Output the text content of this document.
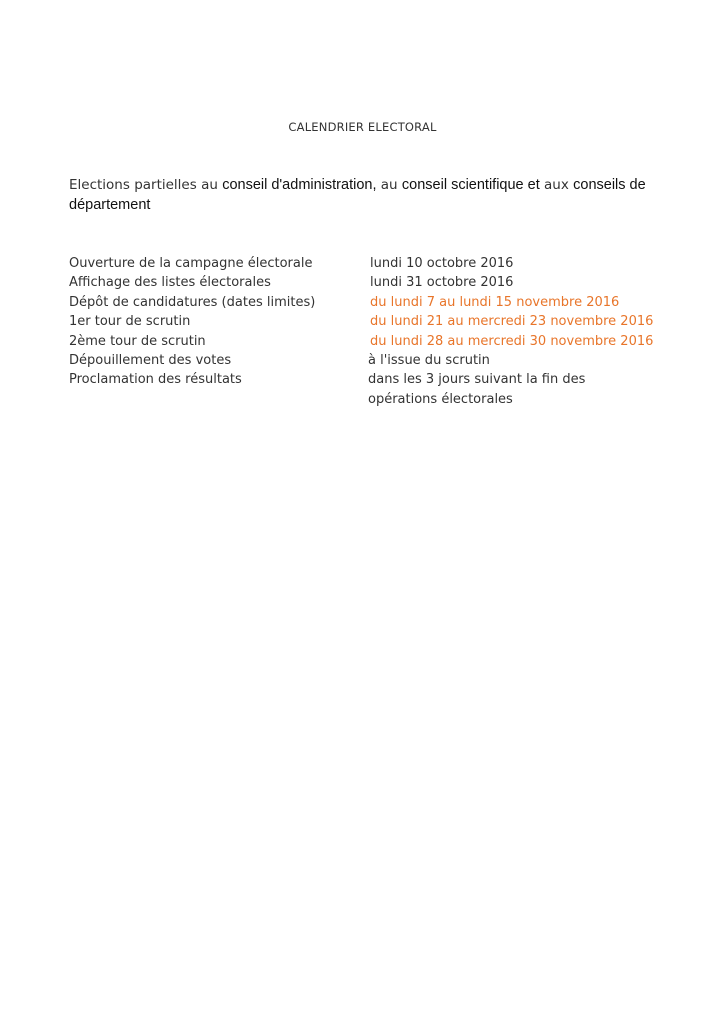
CALENDRIER ELECTORAL
Elections partielles au conseil d'administration, au conseil scientifique et aux conseils de département
Ouverture de la campagne électorale	lundi 10 octobre 2016
Affichage des listes électorales	lundi 31 octobre 2016
Dépôt de candidatures (dates limites)	du lundi 7 au lundi 15 novembre 2016
1er tour de scrutin	du lundi 21 au mercredi 23 novembre 2016
2ème tour de scrutin	du lundi 28 au mercredi 30 novembre 2016
Dépouillement des votes	à l'issue du scrutin
Proclamation des résultats	dans les 3 jours suivant la fin des opérations électorales
